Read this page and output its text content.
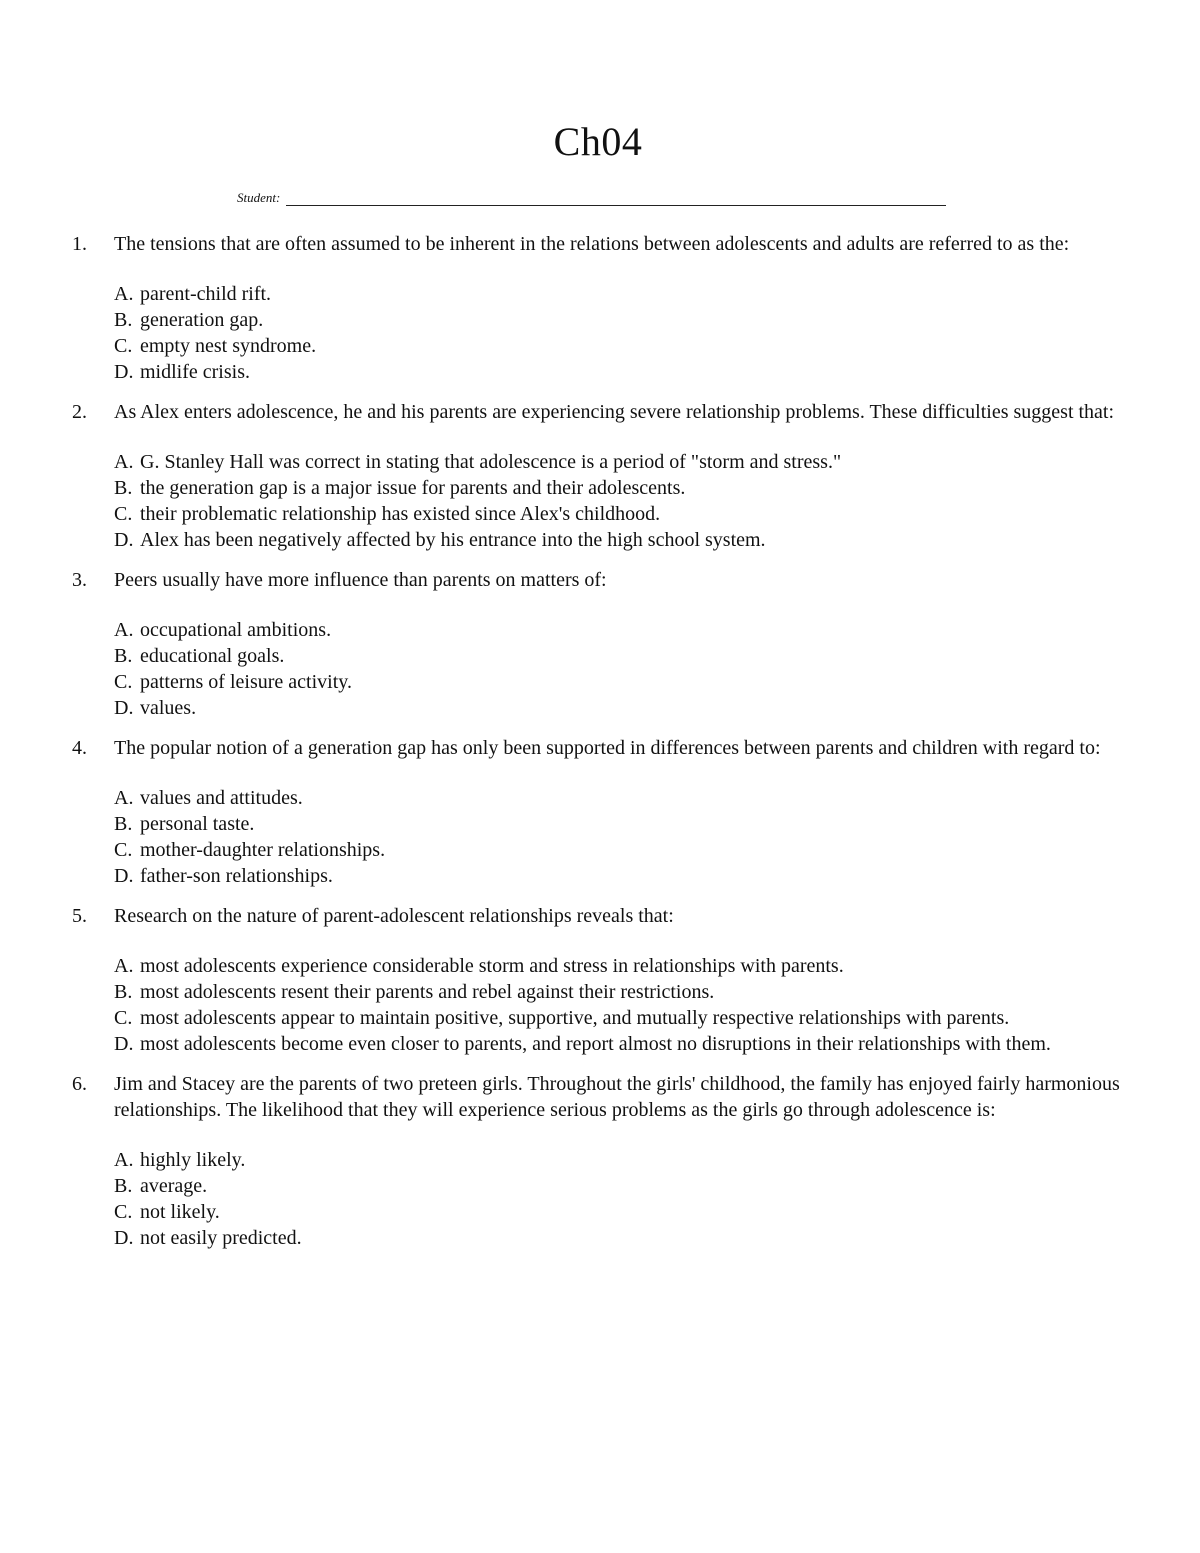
Ch04
Student:
1.	The tensions that are often assumed to be inherent in the relations between adolescents and adults are referred to as the:

A. parent-child rift.
B. generation gap.
C. empty nest syndrome.
D. midlife crisis.
2.	As Alex enters adolescence, he and his parents are experiencing severe relationship problems. These difficulties suggest that:

A. G. Stanley Hall was correct in stating that adolescence is a period of "storm and stress."
B. the generation gap is a major issue for parents and their adolescents.
C. their problematic relationship has existed since Alex's childhood.
D. Alex has been negatively affected by his entrance into the high school system.
3.	Peers usually have more influence than parents on matters of:

A. occupational ambitions.
B. educational goals.
C. patterns of leisure activity.
D. values.
4.	The popular notion of a generation gap has only been supported in differences between parents and children with regard to:

A. values and attitudes.
B. personal taste.
C. mother-daughter relationships.
D. father-son relationships.
5.	Research on the nature of parent-adolescent relationships reveals that:

A. most adolescents experience considerable storm and stress in relationships with parents.
B. most adolescents resent their parents and rebel against their restrictions.
C. most adolescents appear to maintain positive, supportive, and mutually respective relationships with parents.
D. most adolescents become even closer to parents, and report almost no disruptions in their relationships with them.
6.	Jim and Stacey are the parents of two preteen girls. Throughout the girls' childhood, the family has enjoyed fairly harmonious relationships. The likelihood that they will experience serious problems as the girls go through adolescence is:

A. highly likely.
B. average.
C. not likely.
D. not easily predicted.
